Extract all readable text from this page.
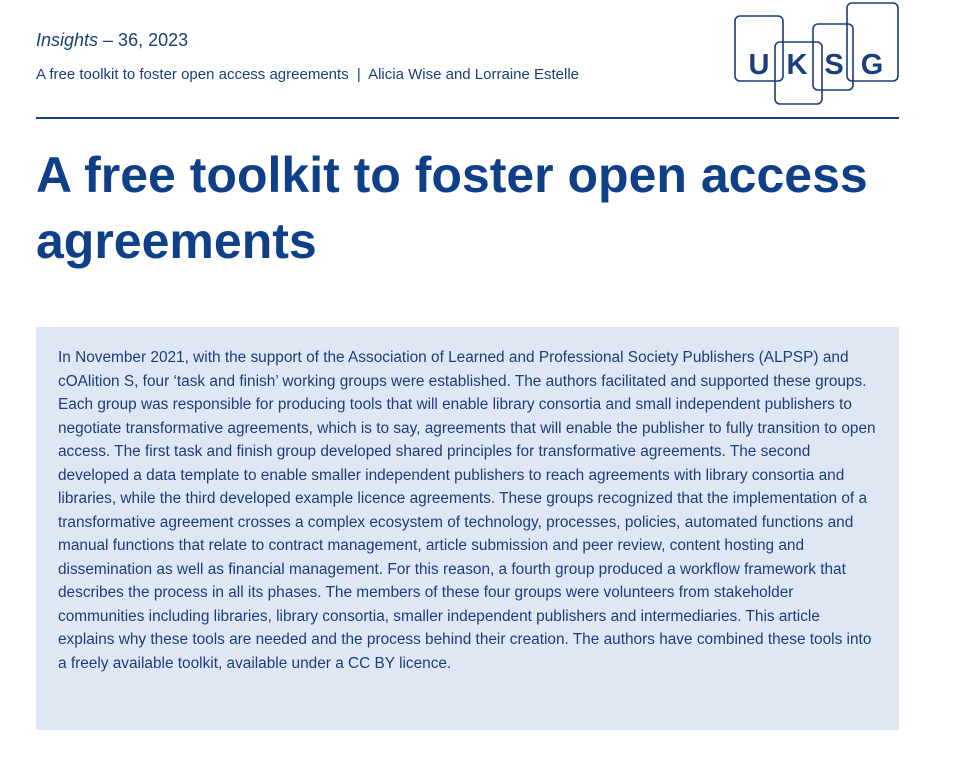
Insights – 36, 2023
A free toolkit to foster open access agreements | Alicia Wise and Lorraine Estelle	U K S G
A free toolkit to foster open access agreements

In November 2021, with the support of the Association of Learned and Professional Society Publishers (ALPSP) and cOAlition S, four ‘task and finish’ working groups were established. The authors facilitated and supported these groups. Each group was responsible for producing tools that will enable library consortia and small independent publishers to negotiate transformative agreements, which is to say, agreements that will enable the publisher to fully transition to open access. The first task and finish group developed shared principles for transformative agreements. The second developed a data template to enable smaller independent publishers to reach agreements with library consortia and libraries, while the third developed example licence agreements. These groups recognized that the implementation of a transformative agreement crosses a complex ecosystem of technology, processes, policies, automated functions and manual functions that relate to contract management, article submission and peer review, content hosting and dissemination as well as financial management. For this reason, a fourth group produced a workflow framework that describes the process in all its phases. The members of these four groups were volunteers from stakeholder communities including libraries, library consortia, smaller independent publishers and intermediaries. This article explains why these tools are needed and the process behind their creation. The authors have combined these tools into a freely available toolkit, available under a CC BY licence.
